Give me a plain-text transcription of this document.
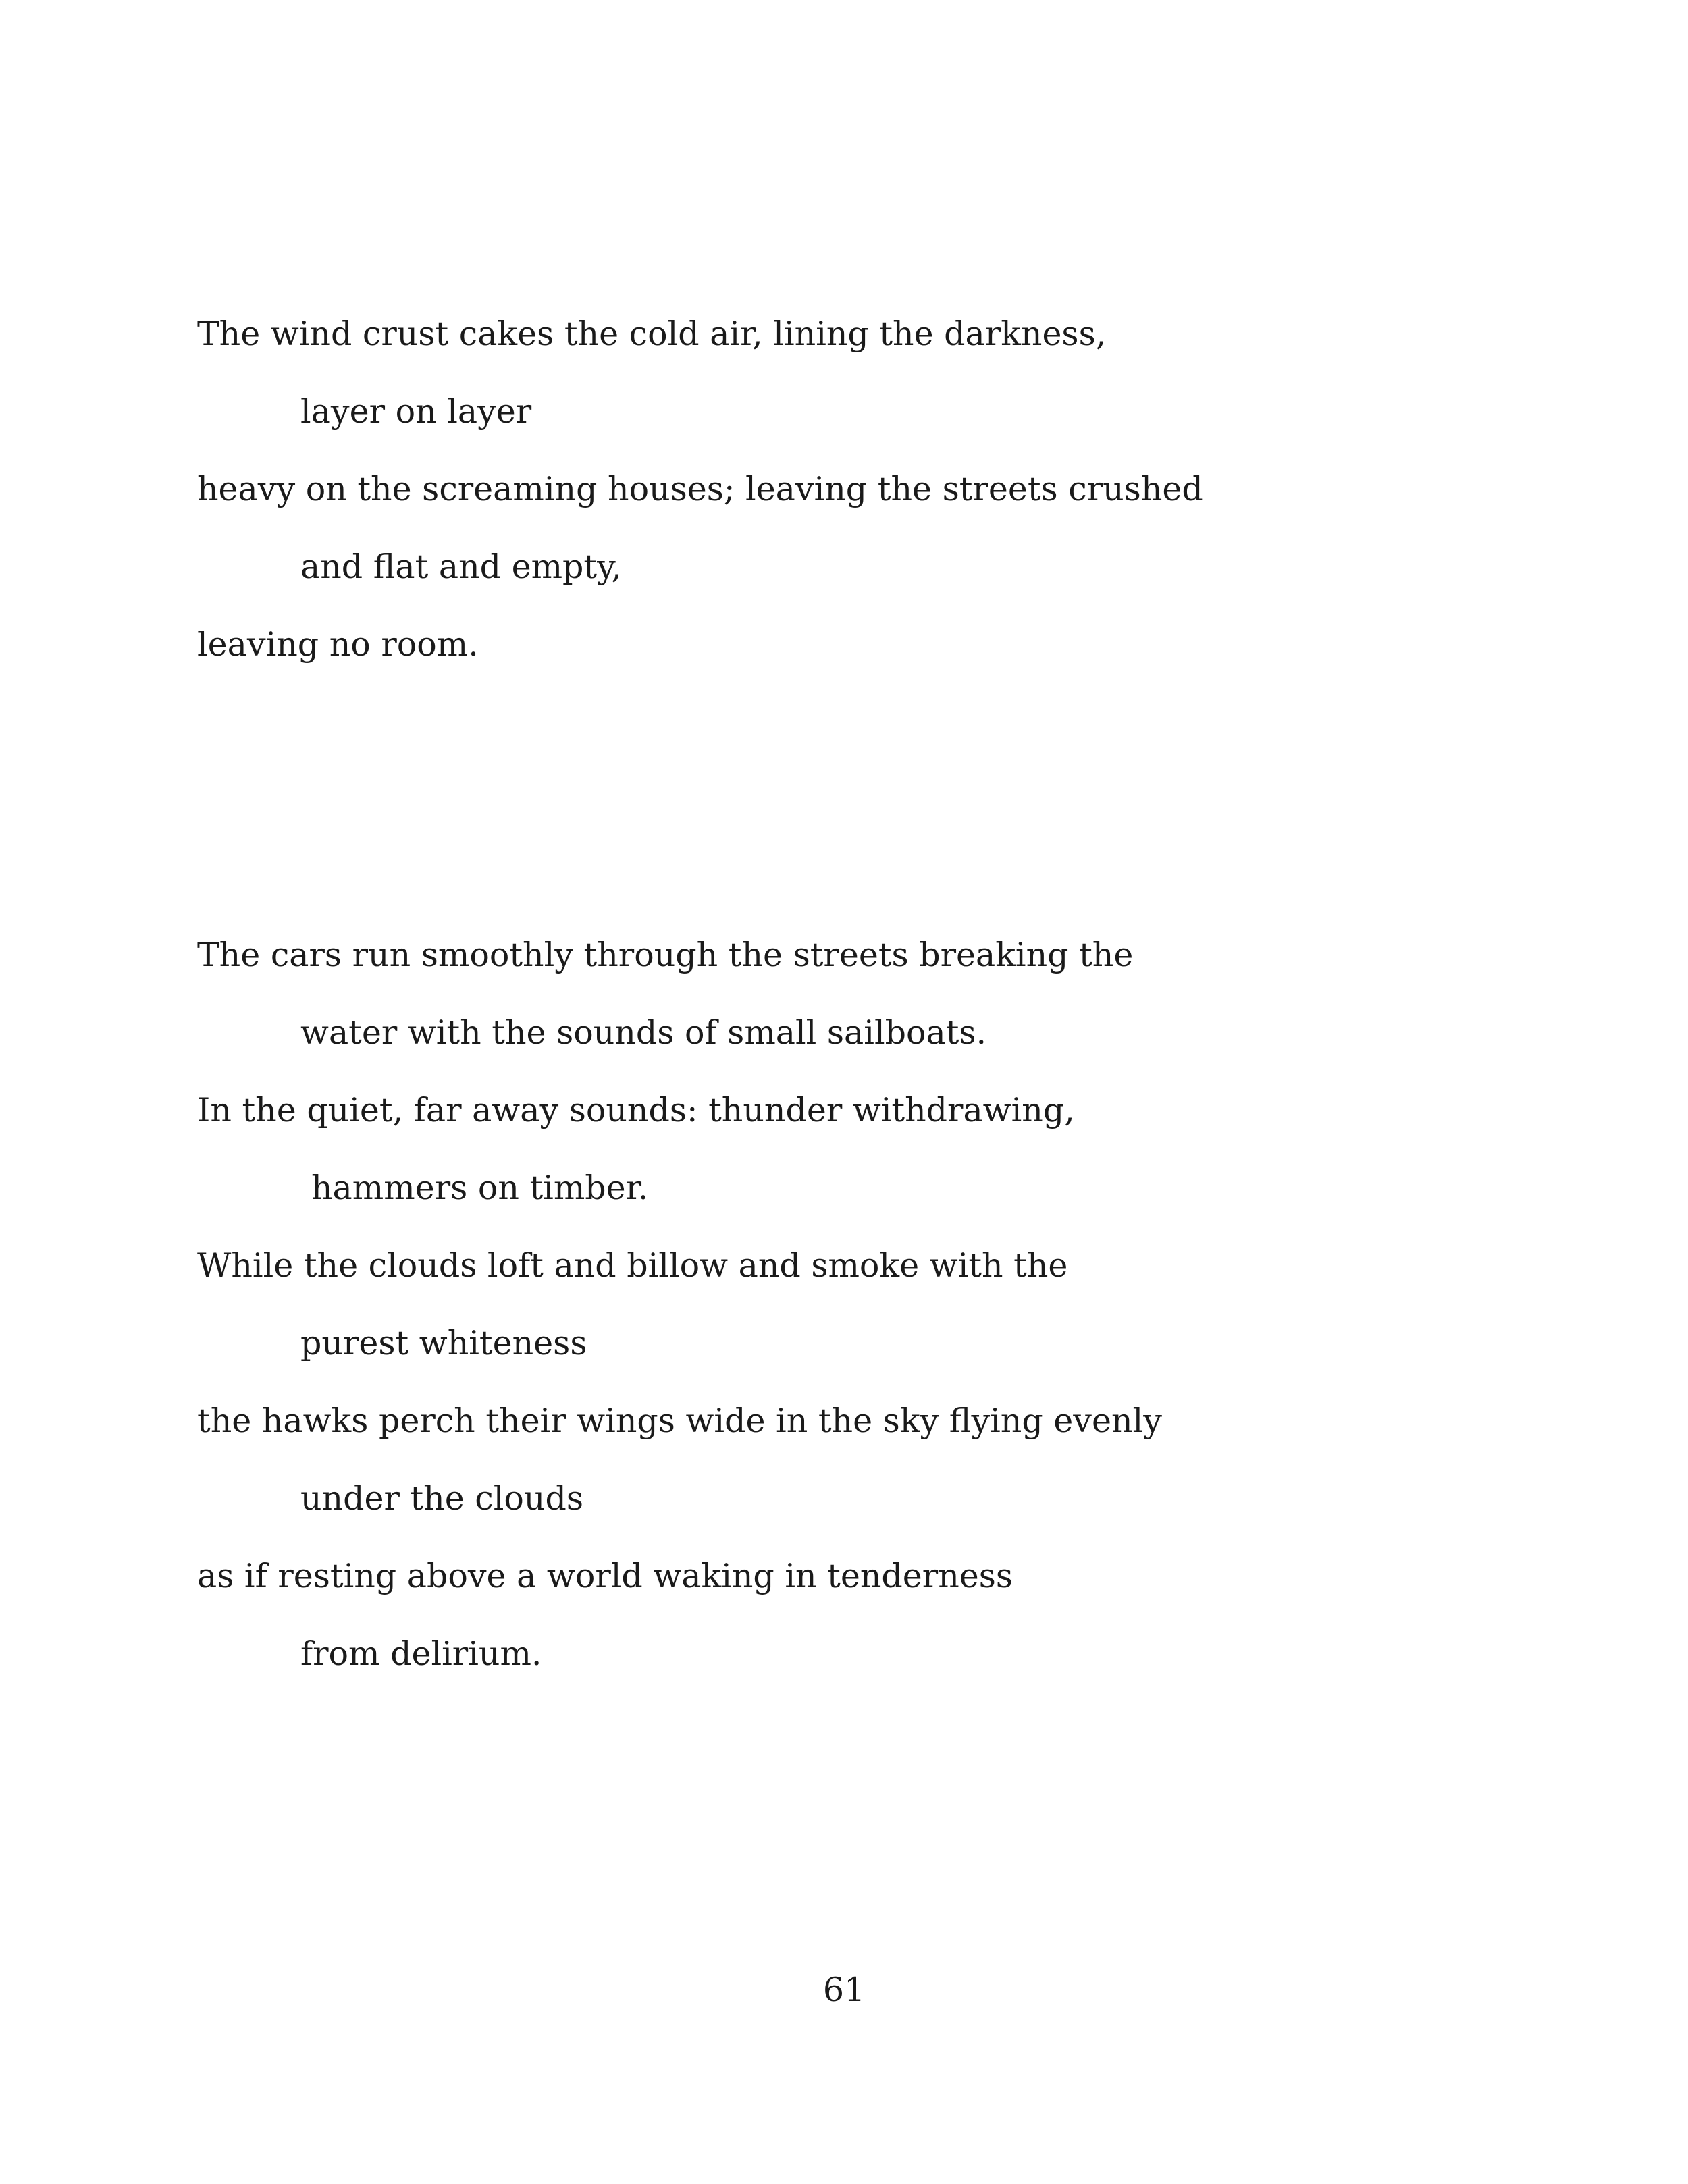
The wind crust cakes the cold air, lining the darkness,
layer on layer
heavy on the screaming houses; leaving the streets crushed
and flat and empty,
leaving no room.
The cars run smoothly through the streets breaking the
water with the sounds of small sailboats.
In the quiet, far away sounds: thunder withdrawing,
hammers on timber.
While the clouds loft and billow and smoke with the
purest whiteness
the hawks perch their wings wide in the sky flying evenly
under the clouds
as if resting above a world waking in tenderness
from delirium.
61
